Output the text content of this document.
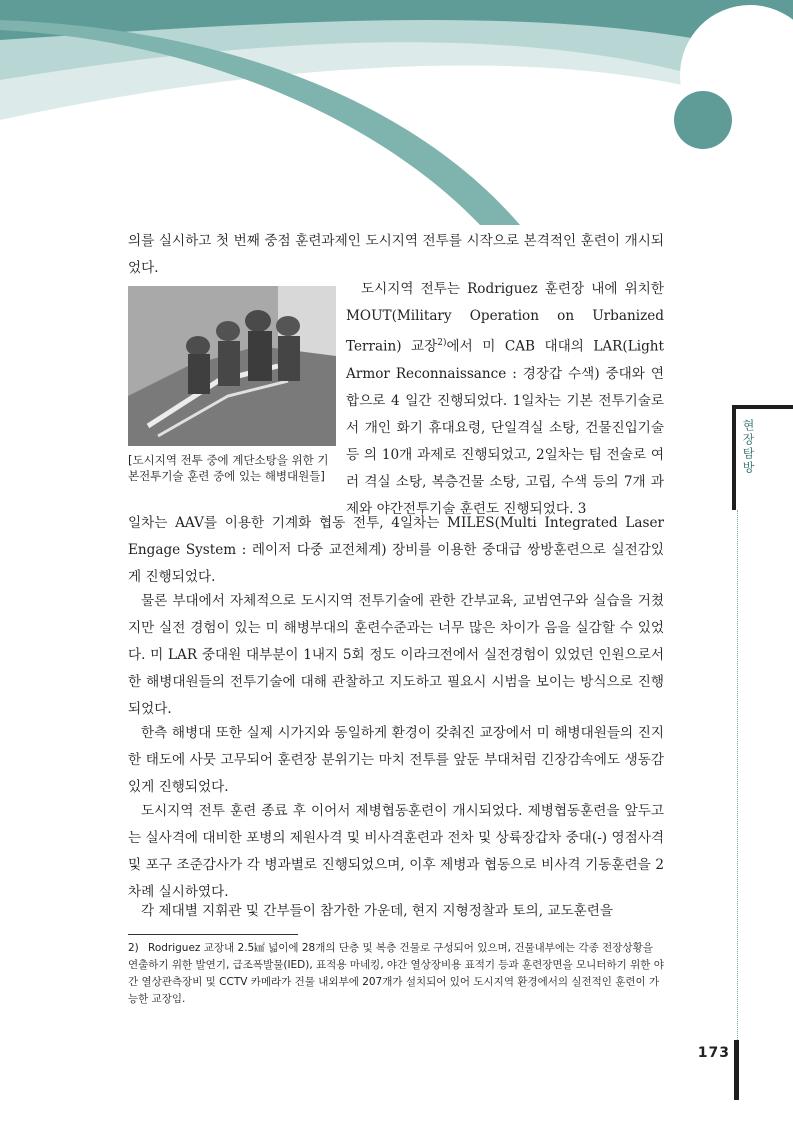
의를 실시하고 첫 번째 중점 훈련과제인 도시지역 전투를 시작으로 본격적인 훈련이 개시되었다.

[도시지역 전투 중에 계단소탕을 위한 기본전투기술 훈련 중에 있는 해병대원들]
도시지역 전투는 Rodriguez 훈련장 내에 위치한 MOUT(Military Operation on Urbanized Terrain) 교장$^{2)}$에서 미 CAB 대대의 LAR(Light Armor Reconnaissance : 경장갑 수색) 중대와 연합으로 4 일간 진행되었다. 1일차는 기본 전투기술로서 개인 화기 휴대요령, 단일격실 소탕, 건물진입기술 등 의 10개 과제로 진행되었고, 2일차는 팀 전술로 여러 격실 소탕, 복층건물 소탕, 고립, 수색 등의 7개 과제와 야간전투기술 훈련도 진행되었다. 3

일차는 AAV를 이용한 기계화 협동 전투, 4일차는 MILES(Multi Integrated Laser Engage System : 레이저 다중 교전체계) 장비를 이용한 중대급 쌍방훈련으로 실전감있게 진행되었다.

물론 부대에서 자체적으로 도시지역 전투기술에 관한 간부교육, 교범연구와 실습을 거쳤지만 실전 경험이 있는 미 해병부대의 훈련수준과는 너무 많은 차이가 음을 실감할 수 있었다. 미 LAR 중대원 대부분이 1내지 5회 정도 이라크전에서 실전경험이 있었던 인원으로서 한 해병대원들의 전투기술에 대해 관찰하고 지도하고 필요시 시범을 보이는 방식으로 진행되었다.

한측 해병대 또한 실제 시가지와 동일하게 환경이 갖춰진 교장에서 미 해병대원들의 진지한 태도에 사뭇 고무되어 훈련장 분위기는 마치 전투를 앞둔 부대처럼 긴장감속에도 생동감있게 진행되었다.

도시지역 전투 훈련 종료 후 이어서 제병협동훈련이 개시되었다. 제병협동훈련을 앞두고는 실사격에 대비한 포병의 제원사격 및 비사격훈련과 전차 및 상륙장갑차 중대(-) 영점사격 및 포구 조준감사가 각 병과별로 진행되었으며, 이후 제병과 협동으로 비사격 기동훈련을 2차례 실시하였다.

각 제대별 지휘관 및 간부들이 참가한 가운데, 현지 지형정찰과 토의, 교도훈련을

현장탐방
2) Rodriguez 교장내 2.5㎢ 넓이에 28개의 단층 및 복층 건물로 구성되어 있으며, 건물내부에는 각종 전장상황을 연출하기 위한 발연기, 급조폭발물(IED), 표적용 마네킹, 야간 열상장비용 표적기 등과 훈련장면을 모니터하기 위한 야간 열상관측장비 및 CCTV 카메라가 건물 내외부에 207개가 설치되어 있어 도시지역 환경에서의 실전적인 훈련이 가능한 교장임.
173
